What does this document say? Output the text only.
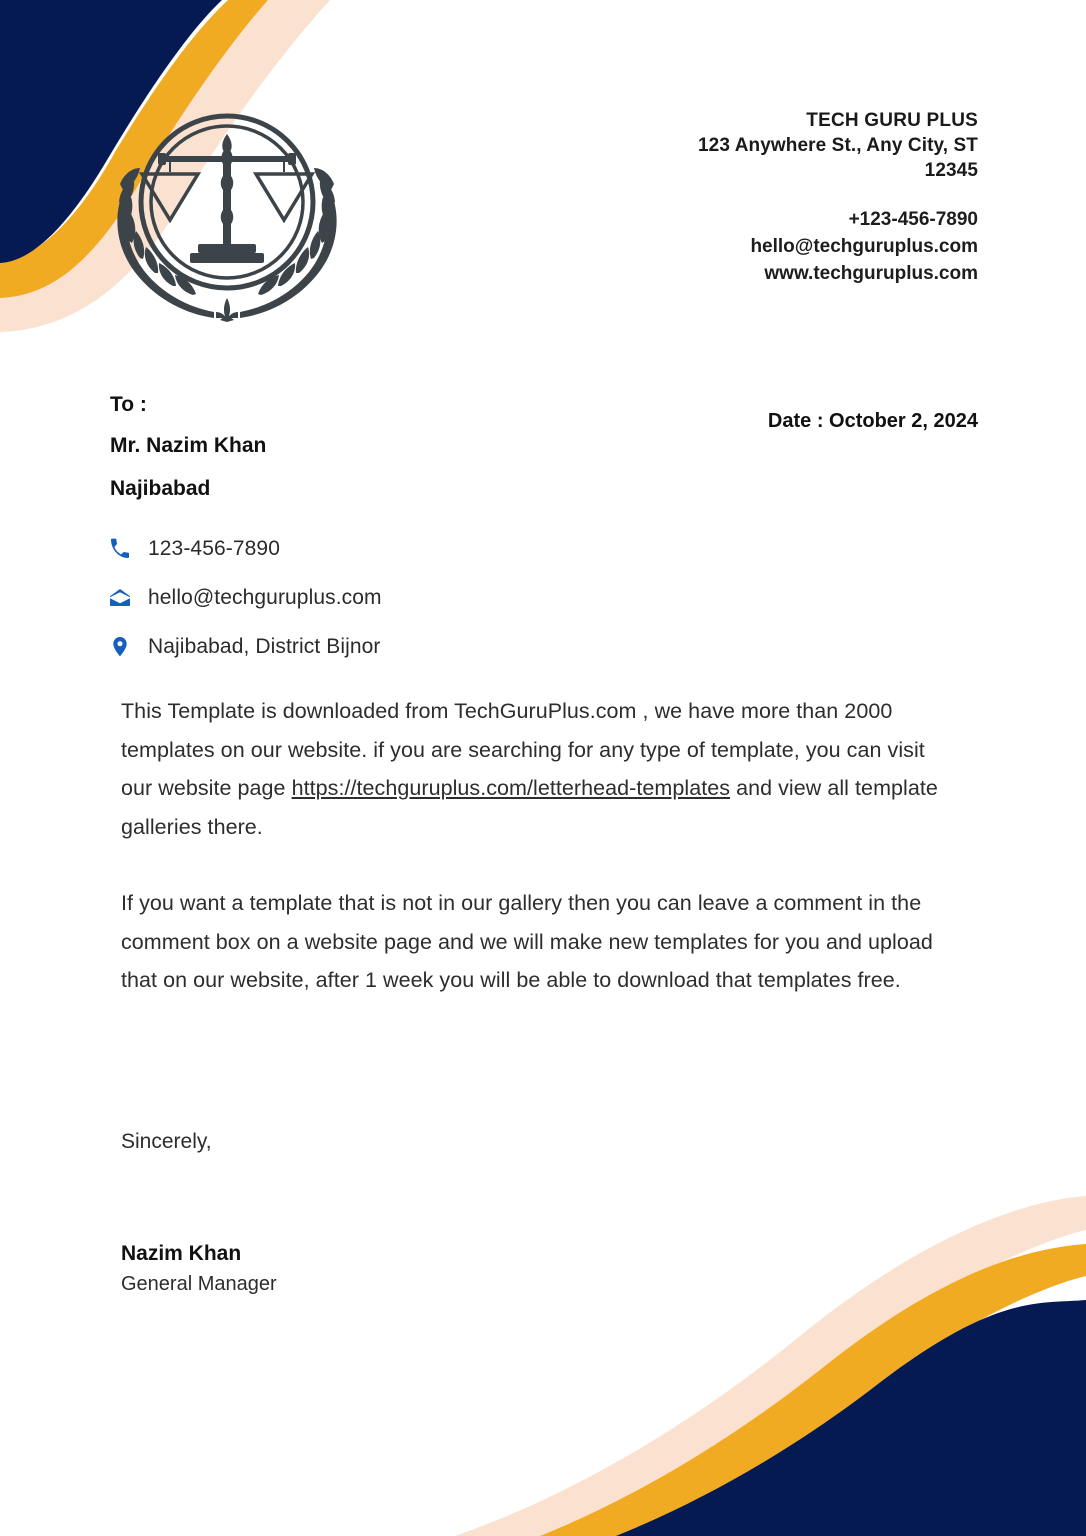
TECH GURU PLUS

123 Anywhere St., Any City, ST

12345

+123-456-7890

hello@techguruplus.com

www.techguruplus.com

To :

Mr. Nazim Khan

Najibabad

Date : October 2, 2024
123-456-7890
hello@techguruplus.com
Najibabad, District Bijnor

This Template is downloaded from TechGuruPlus.com , we have more than 2000 templates on our website. if you are searching for any type of template, you can visit our website page https://techguruplus.com/letterhead-templates and view all template galleries there.

If you want a template that is not in our gallery then you can leave a comment in the comment box on a website page and we will make new templates for you and upload that on our website, after 1 week you will be able to download that templates free.

Sincerely,

Nazim Khan

General Manager
